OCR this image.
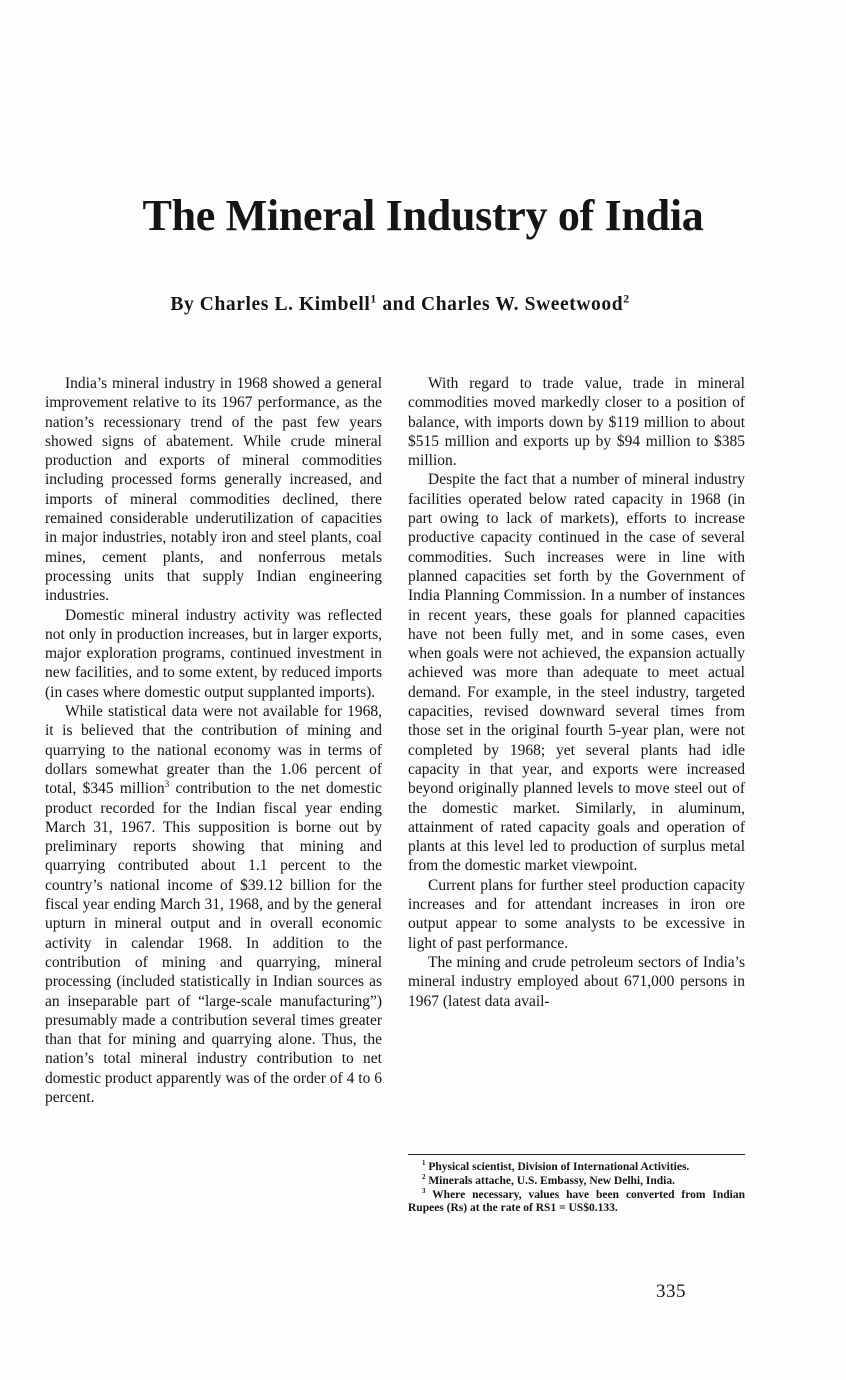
The Mineral Industry of India
By Charles L. Kimbell$^1$ and Charles W. Sweetwood$^2$

India’s mineral industry in 1968 showed a general improvement relative to its 1967 performance, as the nation’s recessionary trend of the past few years showed signs of abatement. While crude mineral production and exports of mineral commodities including processed forms generally increased, and imports of mineral commodities declined, there remained considerable underutilization of capacities in major industries, notably iron and steel plants, coal mines, cement plants, and nonferrous metals processing units that supply Indian engineering industries.

Domestic mineral industry activity was reflected not only in production increases, but in larger exports, major exploration programs, continued investment in new facilities, and to some extent, by reduced imports (in cases where domestic output supplanted imports).

While statistical data were not available for 1968, it is believed that the contribution of mining and quarrying to the national economy was in terms of dollars somewhat greater than the 1.06 percent of total, $345 million$^3$ contribution to the net domestic product recorded for the Indian fiscal year ending March 31, 1967. This supposition is borne out by preliminary reports showing that mining and quarrying contributed about 1.1 percent to the country’s national income of $39.12 billion for the fiscal year ending March 31, 1968, and by the general upturn in mineral output and in overall economic activity in calendar 1968. In addition to the contribution of mining and quarrying, mineral processing (included statistically in Indian sources as an inseparable part of “large-scale manufacturing”) presumably made a contribution several times greater than that for mining and quarrying alone. Thus, the nation’s total mineral industry contribution to net domestic product apparently was of the order of 4 to 6 percent.

With regard to trade value, trade in mineral commodities moved markedly closer to a position of balance, with imports down by $119 million to about $515 million and exports up by $94 million to $385 million.

Despite the fact that a number of mineral industry facilities operated below rated capacity in 1968 (in part owing to lack of markets), efforts to increase productive capacity continued in the case of several commodities. Such increases were in line with planned capacities set forth by the Government of India Planning Commission. In a number of instances in recent years, these goals for planned capacities have not been fully met, and in some cases, even when goals were not achieved, the expansion actually achieved was more than adequate to meet actual demand. For example, in the steel industry, targeted capacities, revised downward several times from those set in the original fourth 5-year plan, were not completed by 1968; yet several plants had idle capacity in that year, and exports were increased beyond originally planned levels to move steel out of the domestic market. Similarly, in aluminum, attainment of rated capacity goals and operation of plants at this level led to production of surplus metal from the domestic market viewpoint.

Current plans for further steel production capacity increases and for attendant increases in iron ore output appear to some analysts to be excessive in light of past performance.

The mining and crude petroleum sectors of India’s mineral industry employed about 671,000 persons in 1967 (latest data avail-

$^1$ Physical scientist, Division of International Activities.

$^2$ Minerals attache, U.S. Embassy, New Delhi, India.

$^3$ Where necessary, values have been converted from Indian Rupees (Rs) at the rate of RS1 = US$0.133.

335
